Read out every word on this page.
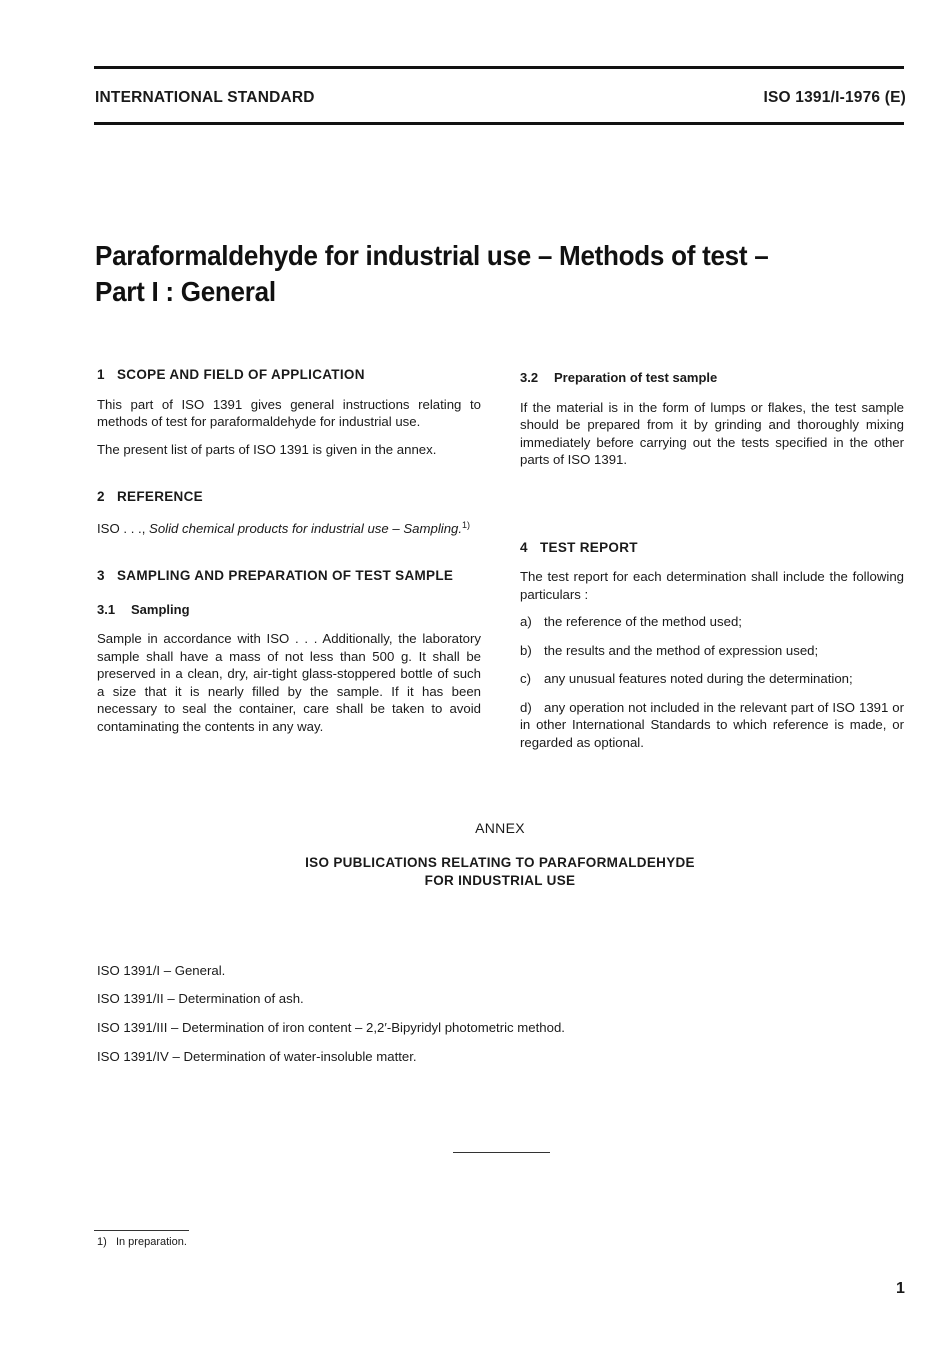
INTERNATIONAL STANDARD	ISO 1391/I-1976 (E)
Paraformaldehyde for industrial use – Methods of test –
Part I : General

1 SCOPE AND FIELD OF APPLICATION

This part of ISO 1391 gives general instructions relating to methods of test for paraformaldehyde for industrial use.

The present list of parts of ISO 1391 is given in the annex.

2 REFERENCE

ISO . . ., Solid chemical products for industrial use – Sampling.$^{1)}$

3 SAMPLING AND PREPARATION OF TEST SAMPLE

3.1 Sampling

Sample in accordance with ISO . . . Additionally, the laboratory sample shall have a mass of not less than 500 g. It shall be preserved in a clean, dry, air-tight glass-stoppered bottle of such a size that it is nearly filled by the sample. If it has been necessary to seal the container, care shall be taken to avoid contaminating the contents in any way.

3.2 Preparation of test sample

If the material is in the form of lumps or flakes, the test sample should be prepared from it by grinding and thoroughly mixing immediately before carrying out the tests specified in the other parts of ISO 1391.

4 TEST REPORT

The test report for each determination shall include the following particulars :

a) the reference of the method used;

b) the results and the method of expression used;

c) any unusual features noted during the determination;

d) any operation not included in the relevant part of ISO 1391 or in other International Standards to which reference is made, or regarded as optional.

ANNEX
ISO PUBLICATIONS RELATING TO PARAFORMALDEHYDE
FOR INDUSTRIAL USE
ISO 1391/I – General.
ISO 1391/II – Determination of ash.
ISO 1391/III – Determination of iron content – 2,2′-Bipyridyl photometric method.
ISO 1391/IV – Determination of water-insoluble matter.
1)   In preparation.
1
